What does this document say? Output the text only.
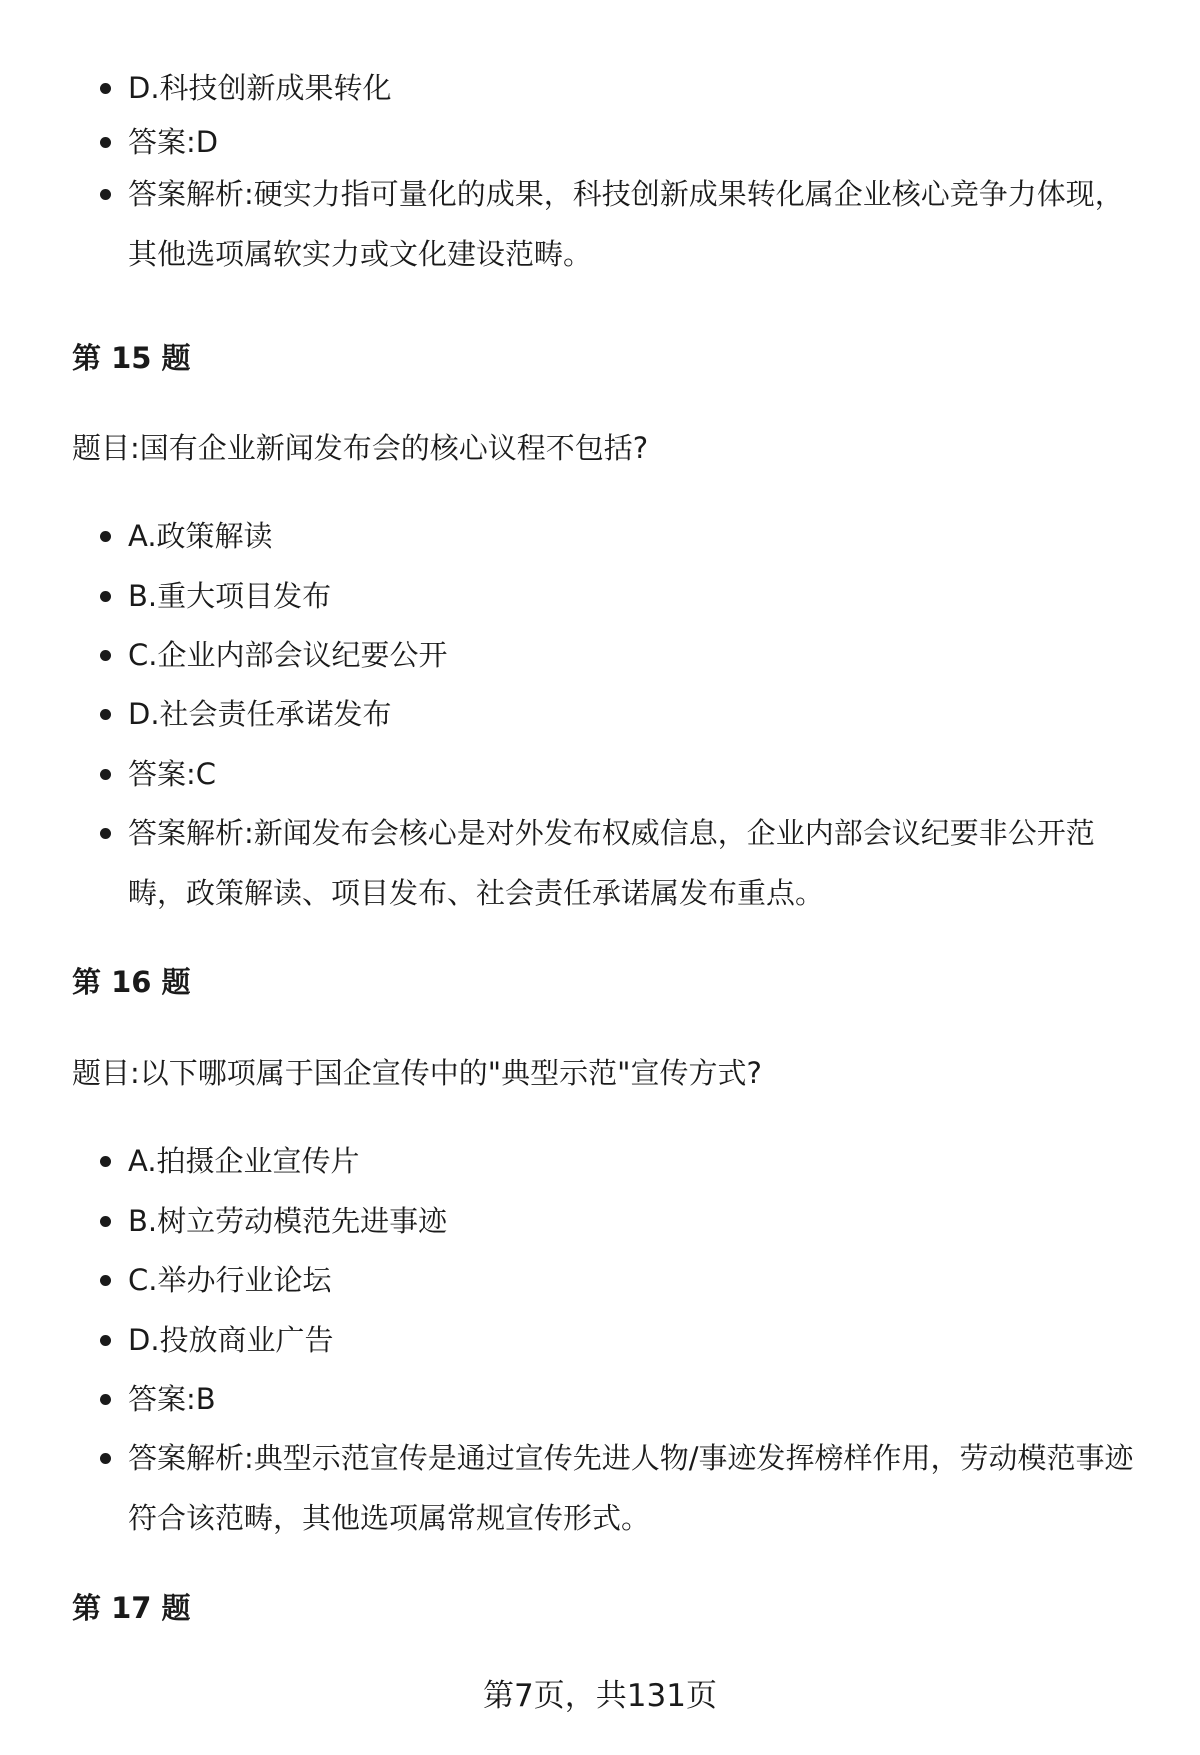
D.科技创新成果转化
答案:D
答案解析:硬实力指可量化的成果，科技创新成果转化属企业核心竞争力体现，其他选项属软实力或文化建设范畴。
第 15 题
题目:国有企业新闻发布会的核心议程不包括?
A.政策解读
B.重大项目发布
C.企业内部会议纪要公开
D.社会责任承诺发布
答案:C
答案解析:新闻发布会核心是对外发布权威信息，企业内部会议纪要非公开范畴，政策解读、项目发布、社会责任承诺属发布重点。
第 16 题
题目:以下哪项属于国企宣传中的"典型示范"宣传方式?
A.拍摄企业宣传片
B.树立劳动模范先进事迹
C.举办行业论坛
D.投放商业广告
答案:B
答案解析:典型示范宣传是通过宣传先进人物/事迹发挥榜样作用，劳动模范事迹符合该范畴，其他选项属常规宣传形式。
第 17 题
第7页，共131页
